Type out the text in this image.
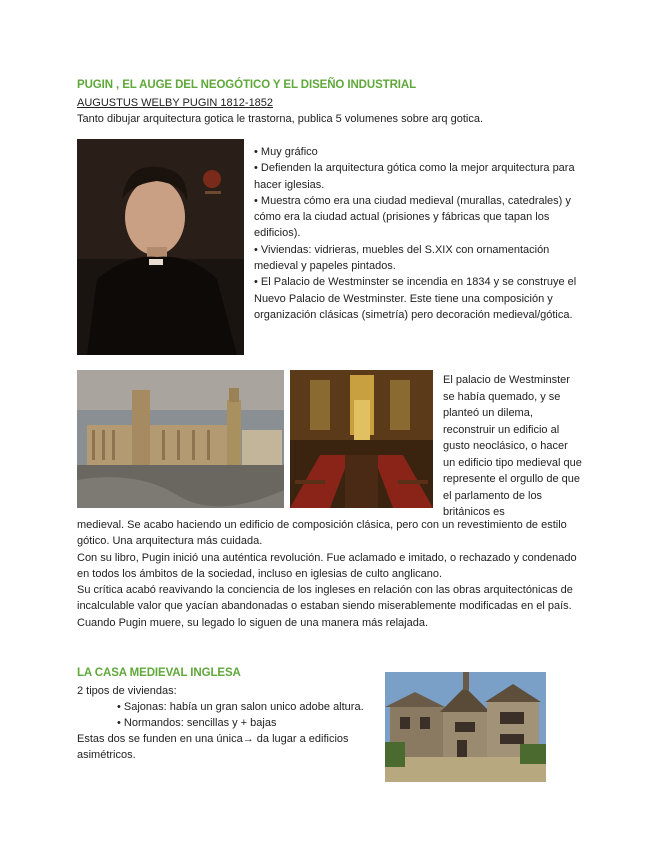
PUGIN , EL AUGE DEL NEOGÓTICO Y EL DISEÑO INDUSTRIAL
AUGUSTUS WELBY PUGIN 1812-1852
Tanto dibujar arquitectura gotica le trastorna, publica 5 volumenes sobre arq gotica.

• Muy gráfico

• Defienden la arquitectura gótica como la mejor arquitectura para hacer iglesias.

• Muestra cómo era una ciudad medieval (murallas, catedrales) y cómo era la ciudad actual (prisiones y fábricas que tapan los edificios).

• Viviendas: vidrieras, muebles del S.XIX con ornamentación medieval y papeles pintados.

• El Palacio de Westminster se incendia en 1834 y se construye el Nuevo Palacio de Westminster. Este tiene una composición y organización clásicas (simetría) pero decoración medieval/gótica.

El palacio de Westminster se había quemado, y se planteó un dilema, reconstruir un edificio al gusto neoclásico, o hacer un edificio tipo medieval que represente el orgullo de que el parlamento de los británicos es

medieval. Se acabo haciendo un edificio de composición clásica, pero con un revestimiento de estilo gótico. Una arquitectura más cuidada.

Con su libro, Pugin inició una auténtica revolución. Fue aclamado e imitado, o rechazado y condenado en todos los ámbitos de la sociedad, incluso en iglesias de culto anglicano.

Su crítica acabó reavivando la conciencia de los ingleses en relación con las obras arquitectónicas de incalculable valor que yacían abandonadas o estaban siendo miserablemente modificadas en el país. Cuando Pugin muere, su legado lo siguen de una manera más relajada.

LA CASA MEDIEVAL INGLESA
2 tipos de viviendas:
• Sajonas: había un gran salon unico adobe altura.
• Normandos: sencillas y + bajas
Estas dos se funden en una única→ da lugar a edificios
asimétricos.
